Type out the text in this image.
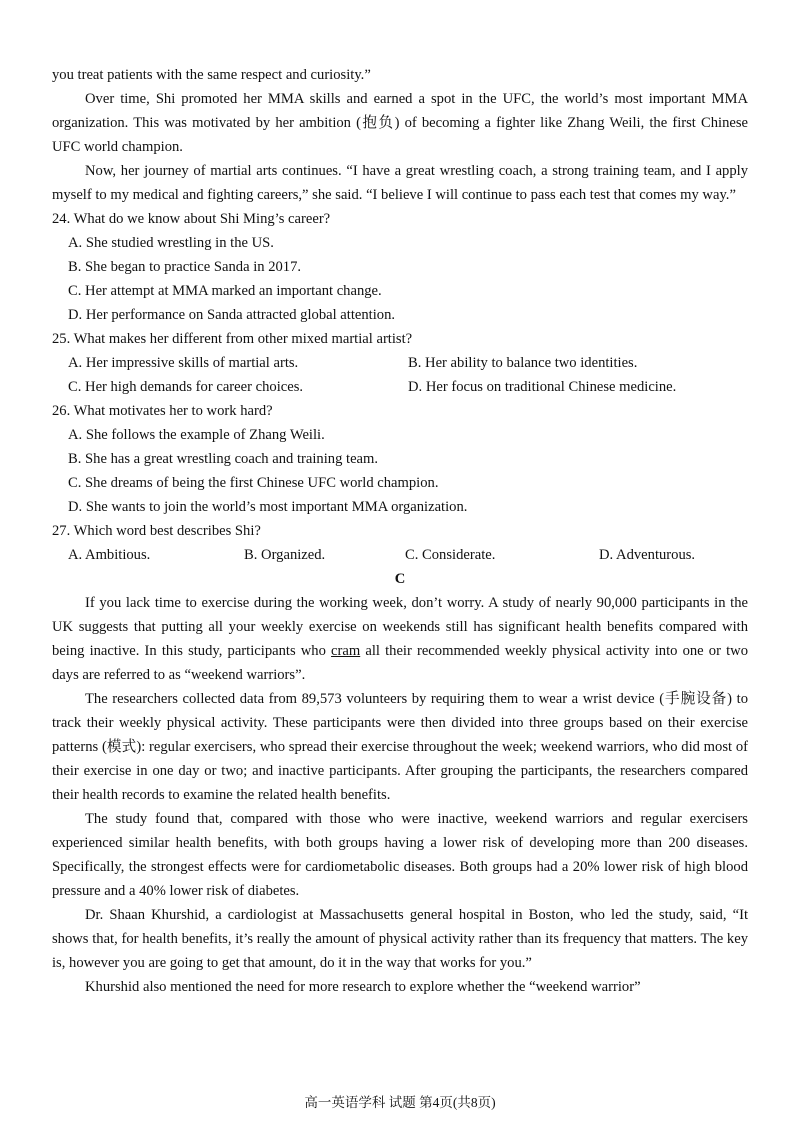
you treat patients with the same respect and curiosity.”

Over time, Shi promoted her MMA skills and earned a spot in the UFC, the world’s most important MMA organization. This was motivated by her ambition (抱负) of becoming a fighter like Zhang Weili, the first Chinese UFC world champion.

Now, her journey of martial arts continues. “I have a great wrestling coach, a strong training team, and I apply myself to my medical and fighting careers,” she said. “I believe I will continue to pass each test that comes my way.”

24. What do we know about Shi Ming’s career?

A. She studied wrestling in the US.

B. She began to practice Sanda in 2017.

C. Her attempt at MMA marked an important change.

D. Her performance on Sanda attracted global attention.

25. What makes her different from other mixed martial artist?

A. Her impressive skills of martial arts.	B. Her ability to balance two identities.
C. Her high demands for career choices.	D. Her focus on traditional Chinese medicine.

26. What motivates her to work hard?

A. She follows the example of Zhang Weili.

B. She has a great wrestling coach and training team.

C. She dreams of being the first Chinese UFC world champion.

D. She wants to join the world’s most important MMA organization.

27. Which word best describes Shi?

A. Ambitious.	B. Organized.	C. Considerate.	D. Adventurous.

C

If you lack time to exercise during the working week, don’t worry. A study of nearly 90,000 participants in the UK suggests that putting all your weekly exercise on weekends still has significant health benefits compared with being inactive. In this study, participants who cram all their recommended weekly physical activity into one or two days are referred to as “weekend warriors”.

The researchers collected data from 89,573 volunteers by requiring them to wear a wrist device (手腕设备) to track their weekly physical activity. These participants were then divided into three groups based on their exercise patterns (模式): regular exercisers, who spread their exercise throughout the week; weekend warriors, who did most of their exercise in one day or two; and inactive participants. After grouping the participants, the researchers compared their health records to examine the related health benefits.

The study found that, compared with those who were inactive, weekend warriors and regular exercisers experienced similar health benefits, with both groups having a lower risk of developing more than 200 diseases. Specifically, the strongest effects were for cardiometabolic diseases. Both groups had a 20% lower risk of high blood pressure and a 40% lower risk of diabetes.

Dr. Shaan Khurshid, a cardiologist at Massachusetts general hospital in Boston, who led the study, said, “It shows that, for health benefits, it’s really the amount of physical activity rather than its frequency that matters. The key is, however you are going to get that amount, do it in the way that works for you.”

Khurshid also mentioned the need for more research to explore whether the “weekend warrior”

高一英语学科 试题 第4页(共8页)
